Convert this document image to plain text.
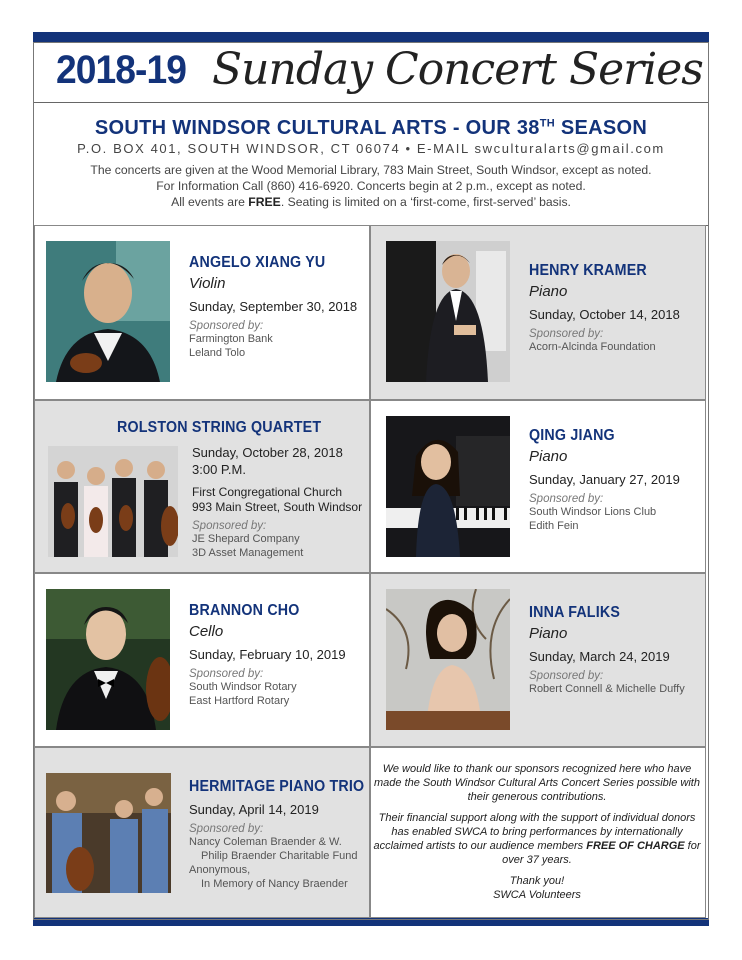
2018-19 Sunday Concert Series
SOUTH WINDSOR CULTURAL ARTS - OUR 38TH SEASON
P.O. BOX 401, SOUTH WINDSOR, CT 06074 • E-MAIL swculturalarts@gmail.com
The concerts are given at the Wood Memorial Library, 783 Main Street, South Windsor, except as noted.
For Information Call (860) 416-6920. Concerts begin at 2 p.m., except as noted.
All events are FREE. Seating is limited on a ‘first-come, first-served’ basis.
ANGELO XIANG YU
Violin
Sunday, September 30, 2018
Sponsored by:
Farmington Bank
Leland Tolo
HENRY KRAMER
Piano
Sunday, October 14, 2018
Sponsored by:
Acorn-Alcinda Foundation
ROLSTON STRING QUARTET
Sunday, October 28, 2018
3:00 P.M.
First Congregational Church
993 Main Street, South Windsor
Sponsored by:
JE Shepard Company
3D Asset Management
QING JIANG
Piano
Sunday, January 27, 2019
Sponsored by:
South Windsor Lions Club
Edith Fein
BRANNON CHO
Cello
Sunday, February 10, 2019
Sponsored by:
South Windsor Rotary
East Hartford Rotary
INNA FALIKS
Piano
Sunday, March 24, 2019
Sponsored by:
Robert Connell & Michelle Duffy
HERMITAGE PIANO TRIO
Sunday, April 14, 2019
Sponsored by:
Nancy Coleman Braender & W.
Philip Braender Charitable Fund
Anonymous,
In Memory of Nancy Braender

We would like to thank our sponsors recognized here who have made the South Windsor Cultural Arts Concert Series possible with their generous contributions.

Their financial support along with the support of individual donors has enabled SWCA to bring performances by internationally acclaimed artists to our audience members FREE OF CHARGE for over 37 years.

Thank you!
SWCA Volunteers
